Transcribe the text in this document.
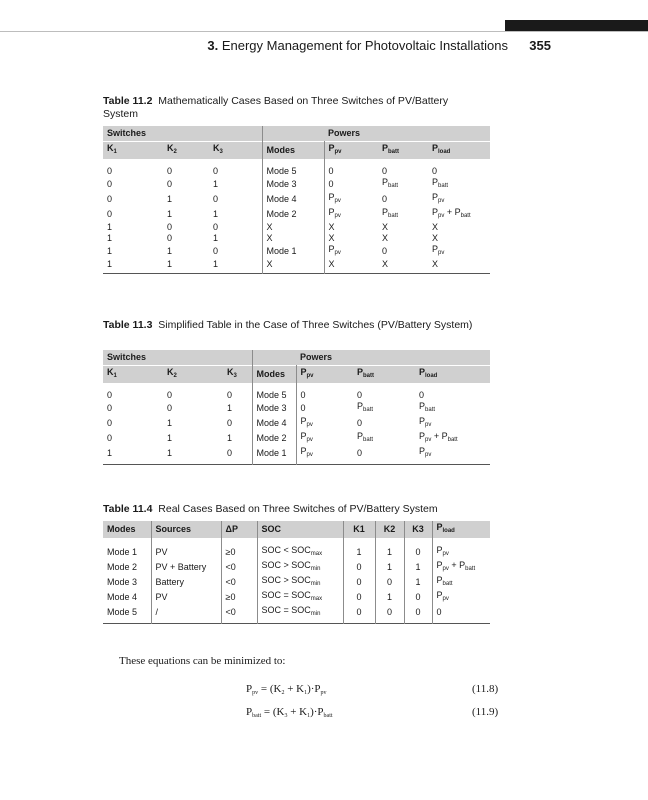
3. Energy Management for Photovoltaic Installations 355
Table 11.2 Mathematically Cases Based on Three Switches of PV/Battery System
Switches				Powers		
$K_1$	$K_2$	$K_3$	Modes	$P_{pv}$	$P_{batt}$	$P_{load}$
0	0	0	Mode 5	0	0	0
0	0	1	Mode 3	0	$P_{batt}$	$P_{batt}$
0	1	0	Mode 4	$P_{pv}$	0	$P_{pv}$
0	1	1	Mode 2	$P_{pv}$	$P_{batt}$	$P_{pv} + P_{batt}$
1	0	0	X	X	X	X
1	0	1	X	X	X	X
1	1	0	Mode 1	$P_{pv}$	0	$P_{pv}$
1	1	1	X	X	X	X
Table 11.3 Simplified Table in the Case of Three Switches (PV/Battery System)
Switches				Powers		
$K_1$	$K_2$	$K_3$	Modes	$P_{pv}$	$P_{batt}$	$P_{load}$
0	0	0	Mode 5	0	0	0
0	0	1	Mode 3	0	$P_{batt}$	$P_{batt}$
0	1	0	Mode 4	$P_{pv}$	0	$P_{pv}$
0	1	1	Mode 2	$P_{pv}$	$P_{batt}$	$P_{pv} + P_{batt}$
1	1	0	Mode 1	$P_{pv}$	0	$P_{pv}$
Table 11.4 Real Cases Based on Three Switches of PV/Battery System
Modes	Sources	ΔP	SOC	K1	K2	K3	$P_{load}$
Mode 1	PV	≥0	SOC < $SOC_{max}$	1	1	0	$P_{pv}$
Mode 2	PV + Battery	<0	SOC > $SOC_{min}$	0	1	1	$P_{pv} + P_{batt}$
Mode 3	Battery	<0	SOC > $SOC_{min}$	0	0	1	$P_{batt}$
Mode 4	PV	≥0	SOC = $SOC_{max}$	0	1	0	$P_{pv}$
Mode 5	/	<0	SOC = $SOC_{min}$	0	0	0	0
These equations can be minimized to:
$P_{pv} = (K_2 + K_1)\cdot P_{pv}$	(11.8)
$P_{batt} = (K_3 + K_1)\cdot P_{batt}$	(11.9)
